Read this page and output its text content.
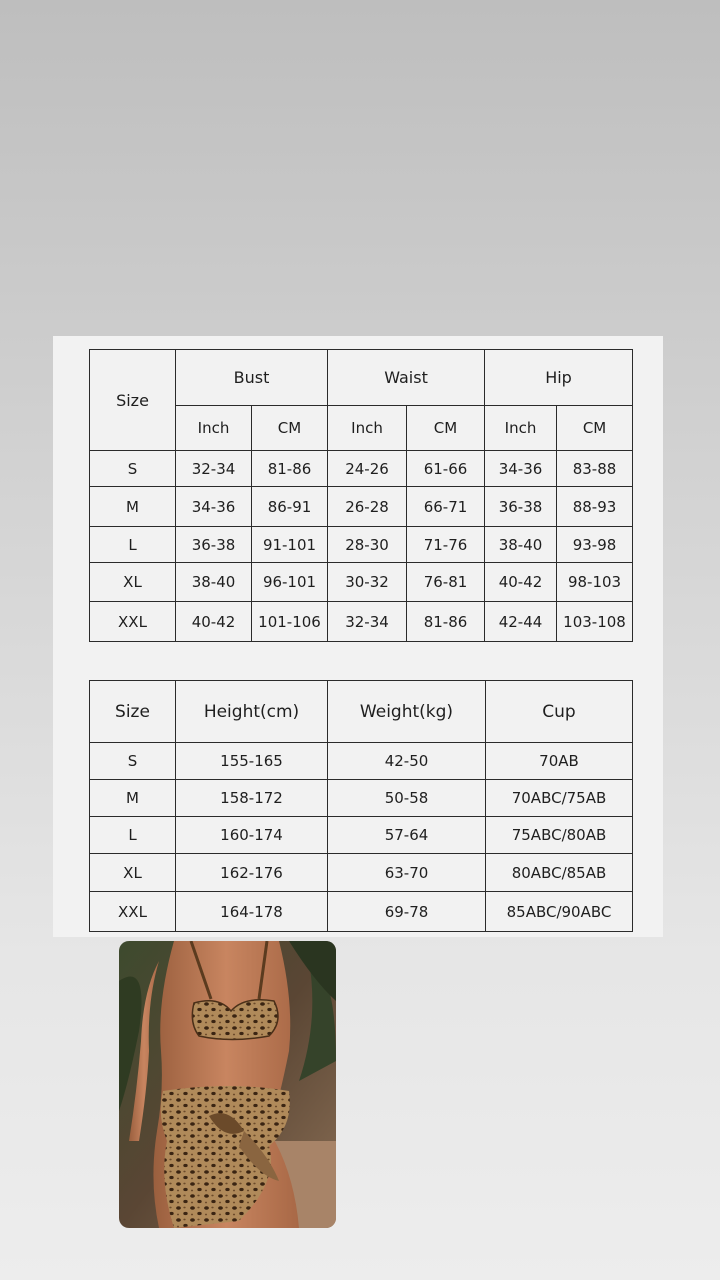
Size	Bust		Waist		Hip	
	Inch	CM	Inch	CM	Inch	CM
S	32-34	81-86	24-26	61-66	34-36	83-88
M	34-36	86-91	26-28	66-71	36-38	88-93
L	36-38	91-101	28-30	71-76	38-40	93-98
XL	38-40	96-101	30-32	76-81	40-42	98-103
XXL	40-42	101-106	32-34	81-86	42-44	103-108
Size	Height(cm)	Weight(kg)	Cup
S	155-165	42-50	70AB
M	158-172	50-58	70ABC/75AB
L	160-174	57-64	75ABC/80AB
XL	162-176	63-70	80ABC/85AB
XXL	164-178	69-78	85ABC/90ABC
